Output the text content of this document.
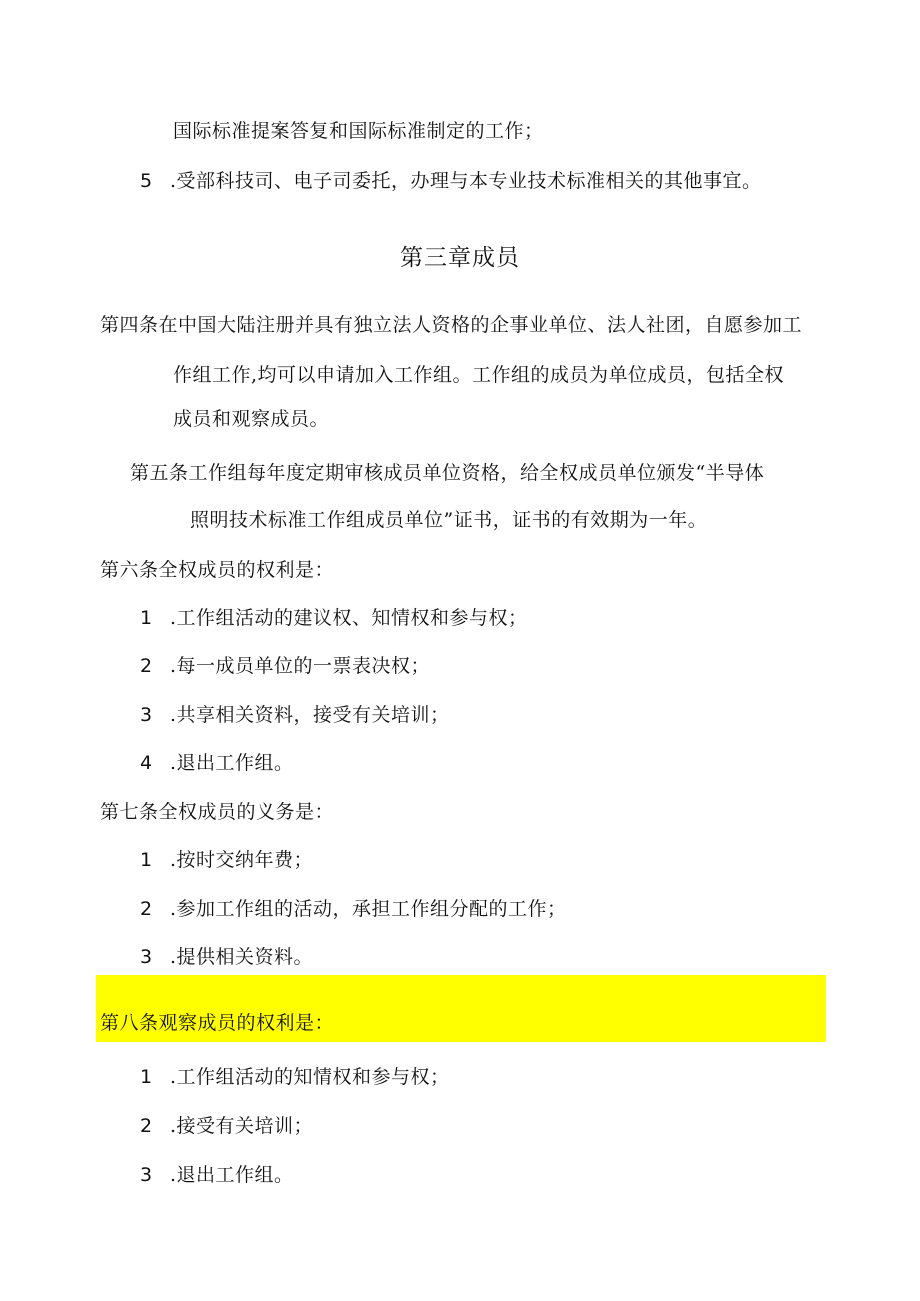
国际标准提案答复和国际标准制定的工作；
5 .受部科技司、电子司委托，办理与本专业技术标准相关的其他事宜。
第三章成员
第四条在中国大陆注册并具有独立法人资格的企事业单位、法人社团，自愿参加工
作组工作,均可以申请加入工作组。工作组的成员为单位成员，包括全权
成员和观察成员。
第五条工作组每年度定期审核成员单位资格，给全权成员单位颁发“半导体
照明技术标准工作组成员单位”证书，证书的有效期为一年。
第六条全权成员的权利是：
1 .工作组活动的建议权、知情权和参与权；
2 .每一成员单位的一票表决权；
3 .共享相关资料，接受有关培训；
4 .退出工作组。
第七条全权成员的义务是：
1 .按时交纳年费；
2 .参加工作组的活动，承担工作组分配的工作；
3 .提供相关资料。
第八条观察成员的权利是：
1 .工作组活动的知情权和参与权；
2 .接受有关培训；
3 .退出工作组。
